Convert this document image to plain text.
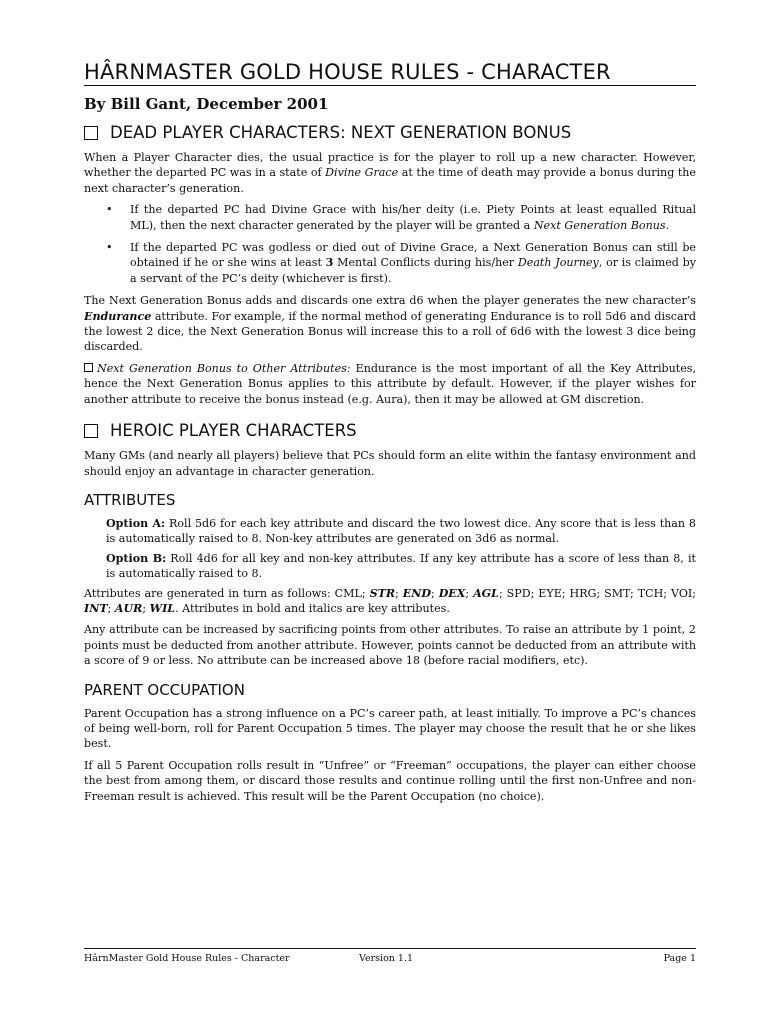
HÂRNMASTER GOLD HOUSE RULES - CHARACTER
By Bill Gant, December 2001
DEAD PLAYER CHARACTERS: NEXT GENERATION BONUS

When a Player Character dies, the usual practice is for the player to roll up a new character. However, whether the departed PC was in a state of Divine Grace at the time of death may provide a bonus during the next character’s generation.

• If the departed PC had Divine Grace with his/her deity (i.e. Piety Points at least equalled Ritual ML), then the next character generated by the player will be granted a Next Generation Bonus.
• If the departed PC was godless or died out of Divine Grace, a Next Generation Bonus can still be obtained if he or she wins at least 3 Mental Conflicts during his/her Death Journey, or is claimed by a servant of the PC’s deity (whichever is first).

The Next Generation Bonus adds and discards one extra d6 when the player generates the new character’s Endurance attribute. For example, if the normal method of generating Endurance is to roll 5d6 and discard the lowest 2 dice, the Next Generation Bonus will increase this to a roll of 6d6 with the lowest 3 dice being discarded.

Next Generation Bonus to Other Attributes: Endurance is the most important of all the Key Attributes, hence the Next Generation Bonus applies to this attribute by default. However, if the player wishes for another attribute to receive the bonus instead (e.g. Aura), then it may be allowed at GM discretion.

HEROIC PLAYER CHARACTERS

Many GMs (and nearly all players) believe that PCs should form an elite within the fantasy environment and should enjoy an advantage in character generation.

ATTRIBUTES

Option A: Roll 5d6 for each key attribute and discard the two lowest dice. Any score that is less than 8 is automatically raised to 8. Non-key attributes are generated on 3d6 as normal.

Option B: Roll 4d6 for all key and non-key attributes. If any key attribute has a score of less than 8, it is automatically raised to 8.

Attributes are generated in turn as follows: CML; STR; END; DEX; AGL; SPD; EYE; HRG; SMT; TCH; VOI; INT; AUR; WIL. Attributes in bold and italics are key attributes.

Any attribute can be increased by sacrificing points from other attributes. To raise an attribute by 1 point, 2 points must be deducted from another attribute. However, points cannot be deducted from an attribute with a score of 9 or less. No attribute can be increased above 18 (before racial modifiers, etc).

PARENT OCCUPATION

Parent Occupation has a strong influence on a PC’s career path, at least initially. To improve a PC’s chances of being well-born, roll for Parent Occupation 5 times. The player may choose the result that he or she likes best.

If all 5 Parent Occupation rolls result in “Unfree” or “Freeman” occupations, the player can either choose the best from among them, or discard those results and continue rolling until the first non-Unfree and non-Freeman result is achieved. This result will be the Parent Occupation (no choice).

HârnMaster Gold House Rules - Character	Version 1.1	Page 1
